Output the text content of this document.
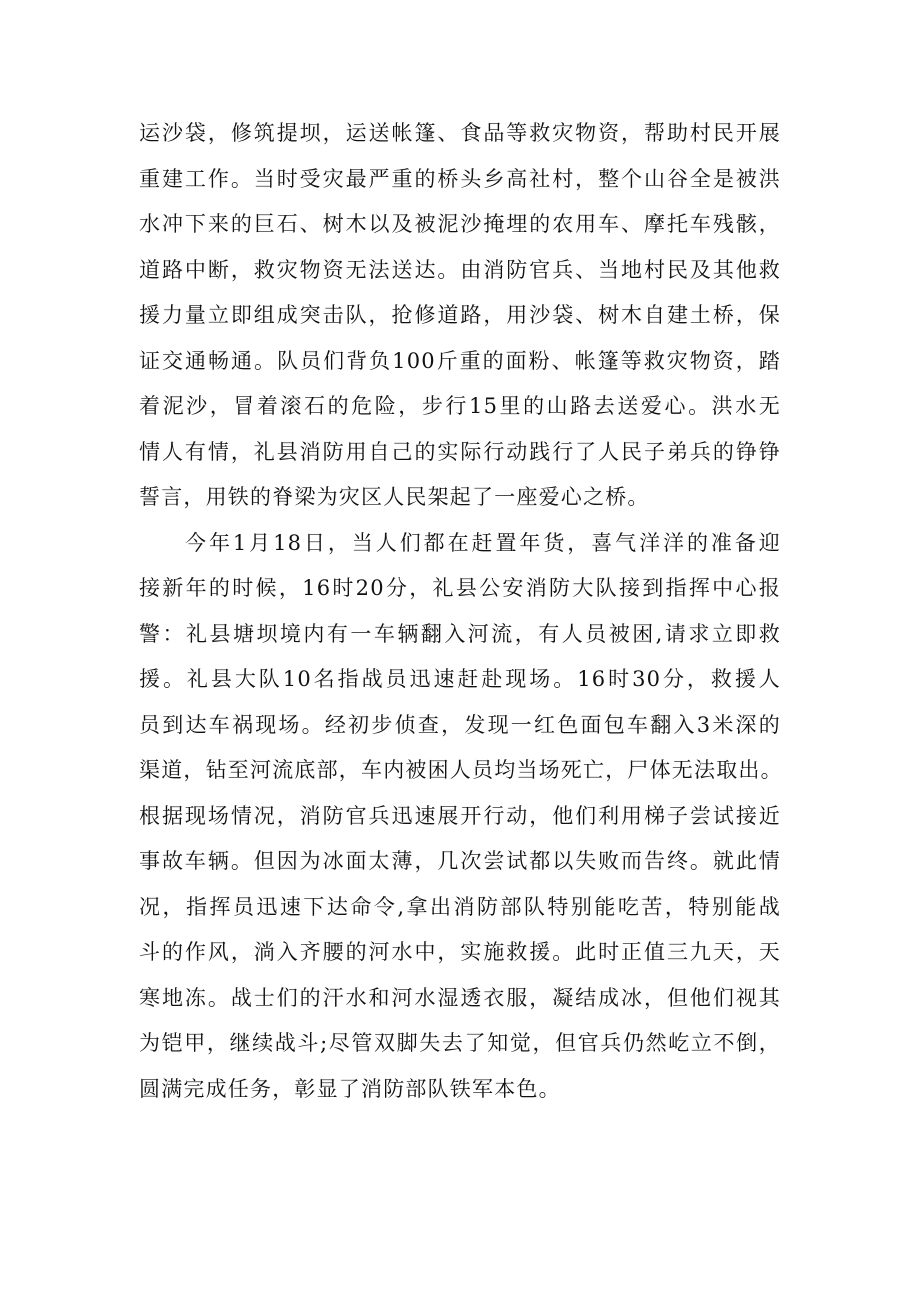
运沙袋，修筑提坝，运送帐篷、食品等救灾物资，帮助村民开展
重建工作。当时受灾最严重的桥头乡高社村，整个山谷全是被洪
水冲下来的巨石、树木以及被泥沙掩埋的农用车、摩托车残骸，
道路中断，救灾物资无法送达。由消防官兵、当地村民及其他救
援力量立即组成突击队，抢修道路，用沙袋、树木自建土桥，保
证交通畅通。队员们背负100斤重的面粉、帐篷等救灾物资，踏
着泥沙，冒着滚石的危险，步行15里的山路去送爱心。洪水无
情人有情，礼县消防用自己的实际行动践行了人民子弟兵的铮铮
誓言，用铁的脊梁为灾区人民架起了一座爱心之桥。
今年1月18日，当人们都在赶置年货，喜气洋洋的准备迎
接新年的时候，16时20分，礼县公安消防大队接到指挥中心报
警：礼县塘坝境内有一车辆翻入河流，有人员被困,请求立即救
援。礼县大队10名指战员迅速赶赴现场。16时30分，救援人
员到达车祸现场。经初步侦查，发现一红色面包车翻入3米深的
渠道，钻至河流底部，车内被困人员均当场死亡，尸体无法取出。
根据现场情况，消防官兵迅速展开行动，他们利用梯子尝试接近
事故车辆。但因为冰面太薄，几次尝试都以失败而告终。就此情
况，指挥员迅速下达命令,拿出消防部队特别能吃苦，特别能战
斗的作风，淌入齐腰的河水中，实施救援。此时正值三九天，天
寒地冻。战士们的汗水和河水湿透衣服，凝结成冰，但他们视其
为铠甲，继续战斗;尽管双脚失去了知觉，但官兵仍然屹立不倒，
圆满完成任务，彰显了消防部队铁军本色。
